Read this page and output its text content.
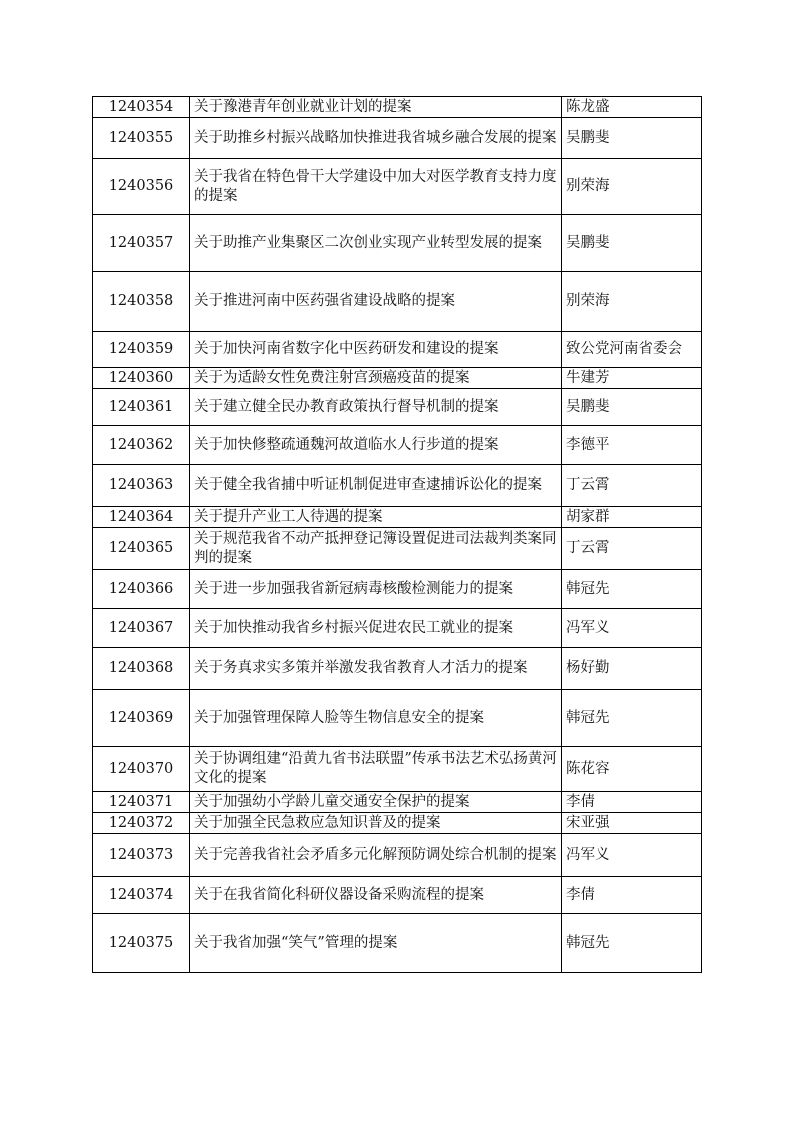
1240354	关于豫港青年创业就业计划的提案	陈龙盛
1240355	关于助推乡村振兴战略加快推进我省城乡融合发展的提案	吴鹏斐
1240356	关于我省在特色骨干大学建设中加大对医学教育支持力度的提案	别荣海
1240357	关于助推产业集聚区二次创业实现产业转型发展的提案	吴鹏斐
1240358	关于推进河南中医药强省建设战略的提案	别荣海
1240359	关于加快河南省数字化中医药研发和建设的提案	致公党河南省委会
1240360	关于为适龄女性免费注射宫颈癌疫苗的提案	牛建芳
1240361	关于建立健全民办教育政策执行督导机制的提案	吴鹏斐
1240362	关于加快修整疏通魏河故道临水人行步道的提案	李德平
1240363	关于健全我省捕中听证机制促进审查逮捕诉讼化的提案	丁云霄
1240364	关于提升产业工人待遇的提案	胡家群
1240365	关于规范我省不动产抵押登记簿设置促进司法裁判类案同判的提案	丁云霄
1240366	关于进一步加强我省新冠病毒核酸检测能力的提案	韩冠先
1240367	关于加快推动我省乡村振兴促进农民工就业的提案	冯军义
1240368	关于务真求实多策并举激发我省教育人才活力的提案	杨好勤
1240369	关于加强管理保障人脸等生物信息安全的提案	韩冠先
1240370	关于协调组建“沿黄九省书法联盟”传承书法艺术弘扬黄河文化的提案	陈花容
1240371	关于加强幼小学龄儿童交通安全保护的提案	李倩
1240372	关于加强全民急救应急知识普及的提案	宋亚强
1240373	关于完善我省社会矛盾多元化解预防调处综合机制的提案	冯军义
1240374	关于在我省简化科研仪器设备采购流程的提案	李倩
1240375	关于我省加强“笑气”管理的提案	韩冠先
